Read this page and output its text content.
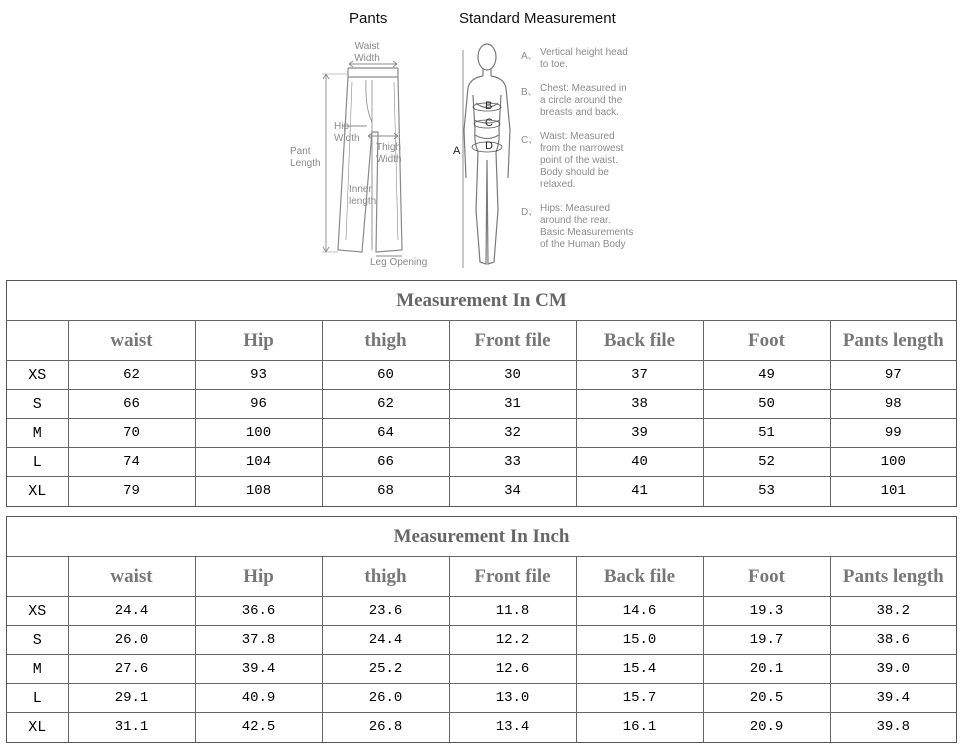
Pants	Standard Measurement
Waist
Width
Hip
Width
Thigh
Width
Pant
Length
Inner
length
Leg Opening
B
C
D
A
A、 Vertical height head
to toe.
B、 Chest: Measured in
a circle around the
breasts and back.
C、 Waist: Measured
from the narrowest
point of the waist.
Body should be
relaxed.
D、 Hips: Measured
around the rear.
Basic Measurements
of the Human Body
Measurement In CM							
	waist	Hip	thigh	Front file	Back file	Foot	Pants length
XS	62	93	60	30	37	49	97
S	66	96	62	31	38	50	98
M	70	100	64	32	39	51	99
L	74	104	66	33	40	52	100
XL	79	108	68	34	41	53	101
Measurement In Inch							
	waist	Hip	thigh	Front file	Back file	Foot	Pants length
XS	24.4	36.6	23.6	11.8	14.6	19.3	38.2
S	26.0	37.8	24.4	12.2	15.0	19.7	38.6
M	27.6	39.4	25.2	12.6	15.4	20.1	39.0
L	29.1	40.9	26.0	13.0	15.7	20.5	39.4
XL	31.1	42.5	26.8	13.4	16.1	20.9	39.8
